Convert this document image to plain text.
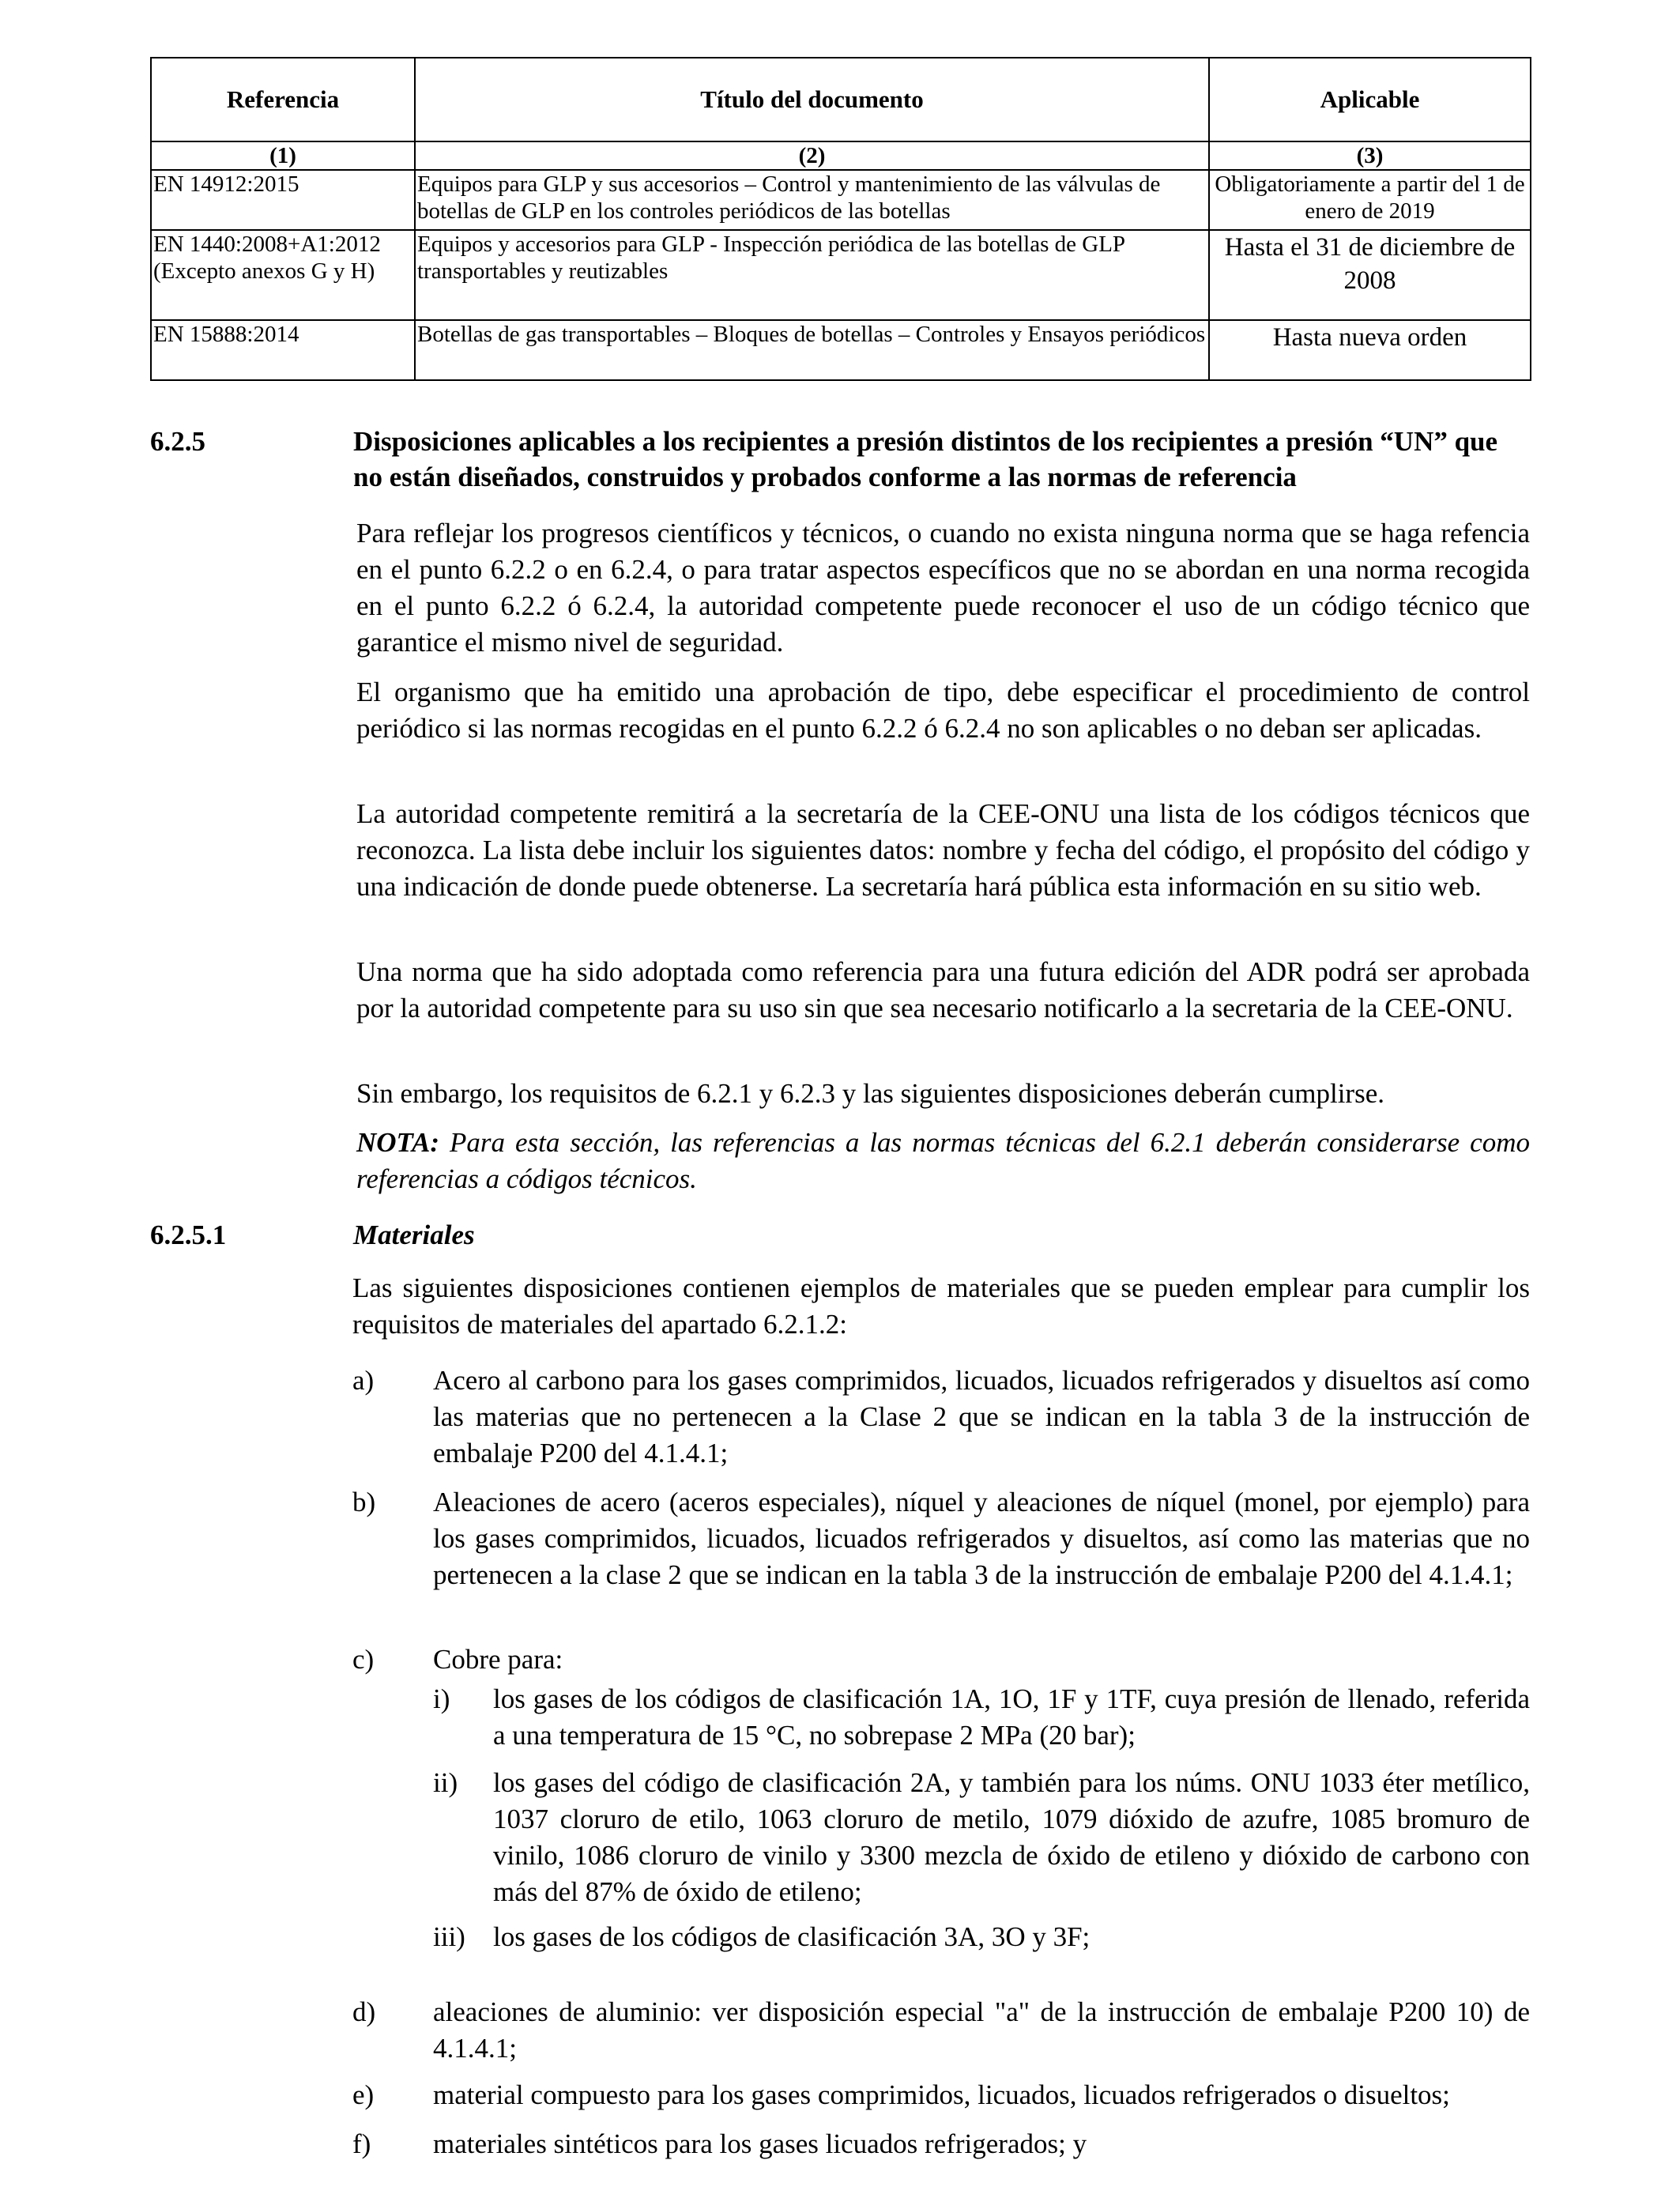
Referencia	Título del documento	Aplicable
(1)	(2)	(3)
EN 14912:2015	Equipos para GLP y sus accesorios – Control y mantenimiento de las válvulas de botellas de GLP en los controles periódicos de las botellas	Obligatoriamente a partir del 1 de enero de 2019
EN 1440:2008+A1:2012 (Excepto anexos G y H)	Equipos y accesorios para GLP - Inspección periódica de las botellas de GLP transportables y reutizables	Hasta el 31 de diciembre de 2008
EN 15888:2014	Botellas de gas transportables – Bloques de botellas – Controles y Ensayos periódicos	Hasta nueva orden
6.2.5	Disposiciones aplicables a los recipientes a presión distintos de los recipientes a presión “UN” que no están diseñados, construidos y probados conforme a las normas de referencia
Para reflejar los progresos científicos y técnicos, o cuando no exista ninguna norma que se haga refencia en el punto 6.2.2 o en 6.2.4, o para tratar aspectos específicos que no se abordan en una norma recogida en el punto 6.2.2 ó 6.2.4, la autoridad competente puede reconocer el uso de un código técnico que garantice el mismo nivel de seguridad.
El organismo que ha emitido una aprobación de tipo, debe especificar el procedimiento de control periódico si las normas recogidas en el punto 6.2.2 ó 6.2.4 no son aplicables o no deban ser aplicadas.
La autoridad competente remitirá a la secretaría de la CEE-ONU una lista de los códigos técnicos que reconozca. La lista debe incluir los siguientes datos: nombre y fecha del código, el propósito del código y una indicación de donde puede obtenerse. La secretaría hará pública esta información en su sitio web.
Una norma que ha sido adoptada como referencia para una futura edición del ADR podrá ser aprobada por la autoridad competente para su uso sin que sea necesario notificarlo a la secretaria de la CEE-ONU.
Sin embargo, los requisitos de 6.2.1 y 6.2.3 y las siguientes disposiciones deberán cumplirse.
NOTA: Para esta sección, las referencias a las normas técnicas del 6.2.1 deberán considerarse como referencias a códigos técnicos.
6.2.5.1	Materiales
Las siguientes disposiciones contienen ejemplos de materiales que se pueden emplear para cumplir los requisitos de materiales del apartado 6.2.1.2:
a) Acero al carbono para los gases comprimidos, licuados, licuados refrigerados y disueltos así como las materias que no pertenecen a la Clase 2 que se indican en la tabla 3 de la instrucción de embalaje P200 del 4.1.4.1;
b) Aleaciones de acero (aceros especiales), níquel y aleaciones de níquel (monel, por ejemplo) para los gases comprimidos, licuados, licuados refrigerados y disueltos, así como las materias que no pertenecen a la clase 2 que se indican en la tabla 3 de la instrucción de embalaje P200 del 4.1.4.1;
c) Cobre para:
i) los gases de los códigos de clasificación 1A, 1O, 1F y 1TF, cuya presión de llenado, referida a una temperatura de 15 °C, no sobrepase 2 MPa (20 bar);
ii) los gases del código de clasificación 2A, y también para los núms. ONU 1033 éter metílico, 1037 cloruro de etilo, 1063 cloruro de metilo, 1079 dióxido de azufre, 1085 bromuro de vinilo, 1086 cloruro de vinilo y 3300 mezcla de óxido de etileno y dióxido de carbono con más del 87% de óxido de etileno;
iii) los gases de los códigos de clasificación 3A, 3O y 3F;
d) aleaciones de aluminio: ver disposición especial "a" de la instrucción de embalaje P200 10) de 4.1.4.1;
e) material compuesto para los gases comprimidos, licuados, licuados refrigerados o disueltos;
f) materiales sintéticos para los gases licuados refrigerados; y
